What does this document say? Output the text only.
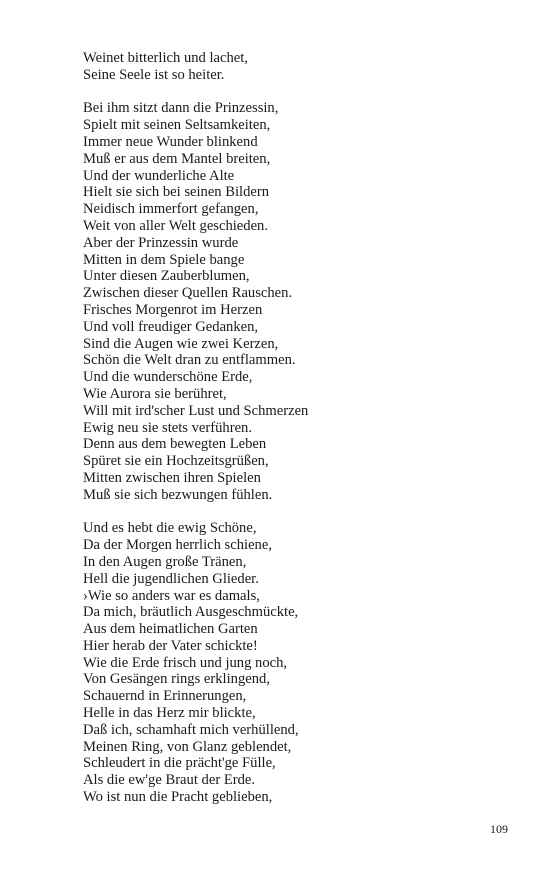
Weinet bitterlich und lachet,
Seine Seele ist so heiter.
Bei ihm sitzt dann die Prinzessin,
Spielt mit seinen Seltsamkeiten,
Immer neue Wunder blinkend
Muß er aus dem Mantel breiten,
Und der wunderliche Alte
Hielt sie sich bei seinen Bildern
Neidisch immerfort gefangen,
Weit von aller Welt geschieden.
Aber der Prinzessin wurde
Mitten in dem Spiele bange
Unter diesen Zauberblumen,
Zwischen dieser Quellen Rauschen.
Frisches Morgenrot im Herzen
Und voll freudiger Gedanken,
Sind die Augen wie zwei Kerzen,
Schön die Welt dran zu entflammen.
Und die wunderschöne Erde,
Wie Aurora sie berühret,
Will mit ird'scher Lust und Schmerzen
Ewig neu sie stets verführen.
Denn aus dem bewegten Leben
Spüret sie ein Hochzeitsgrüßen,
Mitten zwischen ihren Spielen
Muß sie sich bezwungen fühlen.
Und es hebt die ewig Schöne,
Da der Morgen herrlich schiene,
In den Augen große Tränen,
Hell die jugendlichen Glieder.
›Wie so anders war es damals,
Da mich, bräutlich Ausgeschmückte,
Aus dem heimatlichen Garten
Hier herab der Vater schickte!
Wie die Erde frisch und jung noch,
Von Gesängen rings erklingend,
Schauernd in Erinnerungen,
Helle in das Herz mir blickte,
Daß ich, schamhaft mich verhüllend,
Meinen Ring, von Glanz geblendet,
Schleudert in die prächt'ge Fülle,
Als die ew'ge Braut der Erde.
Wo ist nun die Pracht geblieben,
109
